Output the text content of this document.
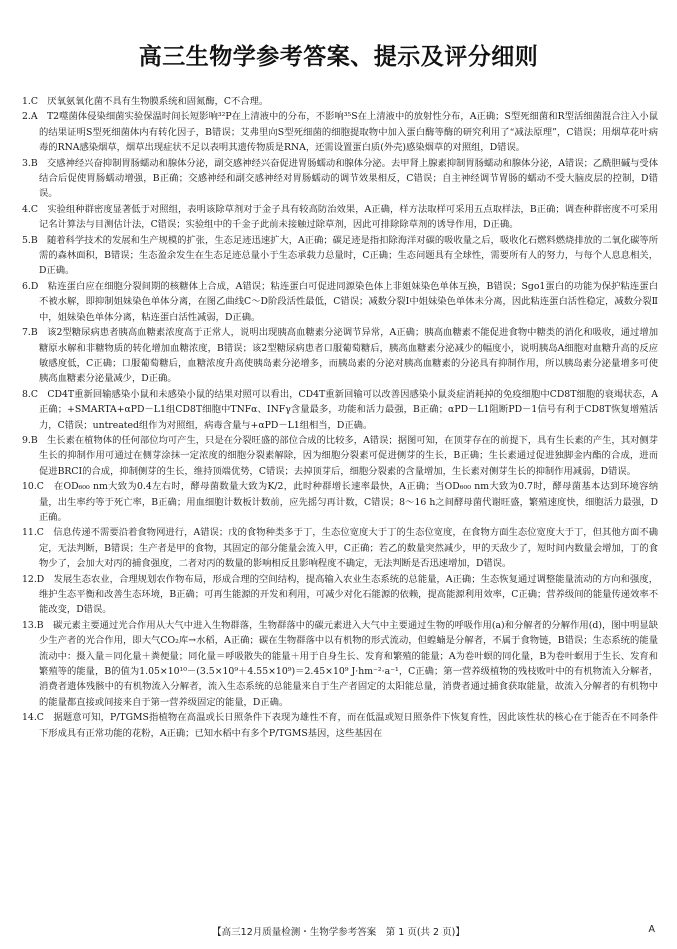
高三生物学参考答案、提示及评分细则

1.C　厌氧氨氧化菌不具有生物膜系统和固氮酶，C不合理。

2.A　T2噬菌体侵染细菌实验保温时间长短影响³²P在上清液中的分布，不影响³⁵S在上清液中的放射性分布，A正确；S型死细菌和R型活细菌混合注入小鼠的结果证明S型死细菌体内有转化因子，B错误；艾弗里向S型死细菌的细胞提取物中加入蛋白酶等酶的研究利用了“减法原理”，C错误；用烟草花叶病毒的RNA感染烟草，烟草出现症状不足以表明其遗传物质是RNA，还需设置蛋白质(外壳)感染烟草的对照组，D错误。

3.B　交感神经兴奋抑制胃肠蠕动和腺体分泌，副交感神经兴奋促进胃肠蠕动和腺体分泌。去甲肾上腺素抑制胃肠蠕动和腺体分泌，A错误；乙酰胆碱与受体结合后促使胃肠蠕动增强，B正确；交感神经和副交感神经对胃肠蠕动的调节效果相反，C错误；自主神经调节胃肠的蠕动不受大脑皮层的控制，D错误。

4.C　实验组种群密度显著低于对照组，表明该除草剂对于金子具有较高防治效果，A正确，样方法取样可采用五点取样法，B正确；调查种群密度不可采用记名计算法与目测估计法，C错误；实验组中的千金子此前未接触过除草剂，因此可排除除草剂的诱导作用，D正确。

5.B　随着科学技术的发展和生产规模的扩张，生态足迹迅速扩大，A正确；碳足迹是指扣除海洋对碳的吸收量之后，吸收化石燃料燃烧排放的二氧化碳等所需的森林面积，B错误；生态盈余发生在生态足迹总量小于生态承载力总量时，C正确；生态问题具有全球性，需要所有人的努力，与每个人息息相关，D正确。

6.D　粘连蛋白应在细胞分裂间期的核糖体上合成，A错误；粘连蛋白可促进同源染色体上非姐妹染色单体互换，B错误；Sgo1蛋白的功能为保护粘连蛋白不被水解，即抑制姐妹染色单体分离，在图乙曲线C～D阶段活性最低，C错误；减数分裂Ⅰ中姐妹染色单体未分离，因此粘连蛋白活性稳定，减数分裂Ⅱ中，姐妹染色单体分离，粘连蛋白活性减弱，D正确。

7.B　该2型糖尿病患者胰高血糖素浓度高于正常人，说明出现胰高血糖素分泌调节异常，A正确；胰高血糖素不能促进食物中糖类的消化和吸收，通过增加糖原水解和非糖物质的转化增加血糖浓度，B错误；该2型糖尿病患者口服葡萄糖后，胰高血糖素分泌减少的幅度小，说明胰岛A细胞对血糖升高的反应敏感度低，C正确；口服葡萄糖后，血糖浓度升高使胰岛素分泌增多，而胰岛素的分泌对胰高血糖素的分泌具有抑制作用，所以胰岛素分泌量增多可使胰高血糖素分泌量减少，D正确。

8.C　CD4T重新回输感染小鼠和未感染小鼠的结果对照可以看出，CD4T重新回输可以改善因感染小鼠炎症消耗掉的免疫细胞中CD8T细胞的衰竭状态，A正确；+SMARTA+αPD－L1组CD8T细胞中TNFα、INFγ含量最多，功能和活力最强，B正确；αPD－L1阻断PD－1信号有利于CD8T恢复增殖活力，C错误；untreated组作为对照组，病毒含量与+αPD－L1组相当，D正确。

9.B　生长素在植物体的任何部位均可产生，只是在分裂旺盛的部位合成的比较多，A错误；据图可知，在顶芽存在的前提下，具有生长素的产生，其对侧芽生长的抑制作用可通过在侧芽涂抹一定浓度的细胞分裂素解除，因为细胞分裂素可促进侧芽的生长，B正确；生长素通过促进独脚金内酯的合成，进而促进BRCI的合成，抑制侧芽的生长，维持顶端优势，C错误；去掉顶芽后，细胞分裂素的含量增加，生长素对侧芽生长的抑制作用减弱，D错误。

10.C　在OD₆₀₀ nm大致为0.4左右时，酵母菌数量大致为K/2，此时种群增长速率最快，A正确；当OD₆₀₀ nm大致为0.7时，酵母菌基本达到环境容纳量，出生率约等于死亡率，B正确；用血细胞计数板计数前，应先摇匀再计数，C错误；8～16 h之间酵母菌代谢旺盛，繁殖速度快，细胞活力最强，D正确。

11.C　信息传递不需要沿着食物网进行，A错误；戊的食物种类多于丁，生态位宽度大于丁的生态位宽度，在食物方面生态位宽度大于丁，但其他方面不确定，无法判断，B错误；生产者是甲的食物，其固定的部分能量会流入甲，C正确；若乙的数量突然减少，甲的天敌少了，短时间内数量会增加，丁的食物少了，会加大对丙的捕食强度，二者对丙的数量的影响相反且影响程度不确定，无法判断是否迅速增加，D错误。

12.D　发展生态农业，合理规划农作物布局，形成合理的空间结构，提高输入农业生态系统的总能量，A正确；生态恢复通过调整能量流动的方向和强度，维护生态平衡和改善生态环境，B正确；可再生能源的开发和利用，可减少对化石能源的依赖，提高能源利用效率，C正确；营养级间的能量传递效率不能改变，D错误。

13.B　碳元素主要通过光合作用从大气中进入生物群落，生物群落中的碳元素进入大气中主要通过生物的呼吸作用(a)和分解者的分解作用(d)，图中明显缺少生产者的光合作用，即大气CO₂库→水稻，A正确；碳在生物群落中以有机物的形式流动，但蝗蝻是分解者，不属于食物链，B错误；生态系统的能量流动中：摄入量＝同化量＋粪便量；同化量＝呼吸散失的能量＋用于自身生长、发育和繁殖的能量；A为卷叶螟的同化量，B为卷叶螟用于生长、发育和繁殖等的能量，B的值为1.05×10¹⁰－(3.5×10⁹＋4.55×10⁹)＝2.45×10⁹ J·hm⁻²·a⁻¹，C正确；第一营养级植物的残枝败叶中的有机物流入分解者，消费者遗体残骸中的有机物流入分解者，流入生态系统的总能量来自于生产者固定的太阳能总量，消费者通过捕食获取能量，故流入分解者的有机物中的能量都直接或间接来自于第一营养级固定的能量，D正确。

14.C　据题意可知，P/TGMS指植物在高温或长日照条件下表现为雄性不育，而在低温或短日照条件下恢复育性，因此该性状的核心在于能否在不同条件下形成具有正常功能的花粉，A正确；已知水稻中有多个P/TGMS基因，这些基因在

【高三12月质量检测・生物学参考答案　第 1 页(共 2 页)】	A
